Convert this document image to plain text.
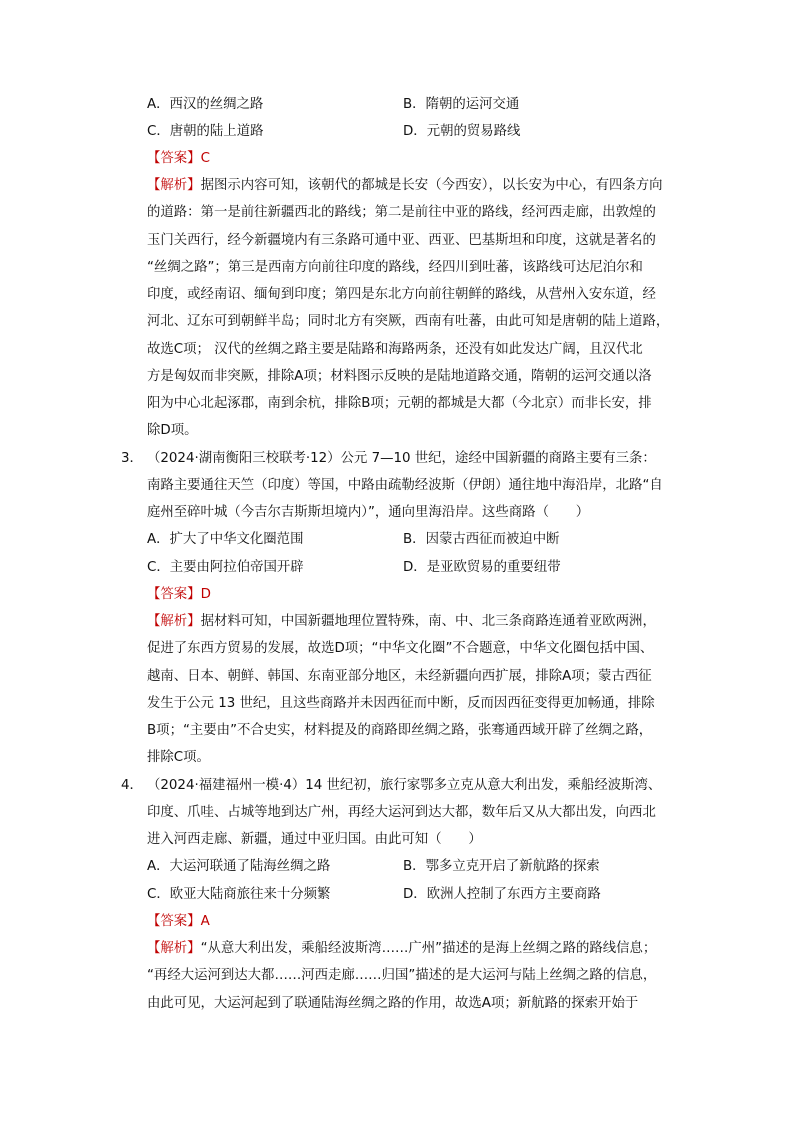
A．西汉的丝绸之路	B．隋朝的运河交通
C．唐朝的陆上道路	D．元朝的贸易路线
【答案】C
【解析】据图示内容可知，该朝代的都城是长安（今西安），以长安为中心，有四条方向
的道路：第一是前往新疆西北的路线；第二是前往中亚的路线，经河西走廊，出敦煌的
玉门关西行，经今新疆境内有三条路可通中亚、西亚、巴基斯坦和印度，这就是著名的
“丝绸之路”；第三是西南方向前往印度的路线，经四川到吐蕃，该路线可达尼泊尔和
印度，或经南诏、缅甸到印度；第四是东北方向前往朝鲜的路线，从营州入安东道，经
河北、辽东可到朝鲜半岛；同时北方有突厥，西南有吐蕃，由此可知是唐朝的陆上道路，
故选C项； 汉代的丝绸之路主要是陆路和海路两条，还没有如此发达广阔，且汉代北
方是匈奴而非突厥，排除A项；材料图示反映的是陆地道路交通，隋朝的运河交通以洛
阳为中心北起涿郡，南到余杭，排除B项；元朝的都城是大都（今北京）而非长安，排
除D项。
3． （2024·湖南衡阳三校联考·12）公元 7—10 世纪，途经中国新疆的商路主要有三条：
南路主要通往天竺（印度）等国，中路由疏勒经波斯（伊朗）通往地中海沿岸，北路“自
庭州至碎叶城（今吉尔吉斯斯坦境内）”，通向里海沿岸。这些商路（　　）
A．扩大了中华文化圈范围	B．因蒙古西征而被迫中断
C．主要由阿拉伯帝国开辟	D．是亚欧贸易的重要纽带
【答案】D
【解析】据材料可知，中国新疆地理位置特殊，南、中、北三条商路连通着亚欧两洲，
促进了东西方贸易的发展，故选D项；“中华文化圈”不合题意，中华文化圈包括中国、
越南、日本、朝鲜、韩国、东南亚部分地区，未经新疆向西扩展，排除A项；蒙古西征
发生于公元 13 世纪，且这些商路并未因西征而中断，反而因西征变得更加畅通，排除
B项；“主要由”不合史实，材料提及的商路即丝绸之路，张骞通西域开辟了丝绸之路，
排除C项。
4． （2024·福建福州一模·4）14 世纪初，旅行家鄂多立克从意大利出发，乘船经波斯湾、
印度、爪哇、占城等地到达广州，再经大运河到达大都，数年后又从大都出发，向西北
进入河西走廊、新疆，通过中亚归国。由此可知（　　）
A．大运河联通了陆海丝绸之路	B．鄂多立克开启了新航路的探索
C．欧亚大陆商旅往来十分频繁	D．欧洲人控制了东西方主要商路
【答案】A
【解析】“从意大利出发，乘船经波斯湾……广州”描述的是海上丝绸之路的路线信息；
“再经大运河到达大都……河西走廊……归国”描述的是大运河与陆上丝绸之路的信息，
由此可见，大运河起到了联通陆海丝绸之路的作用，故选A项；新航路的探索开始于
